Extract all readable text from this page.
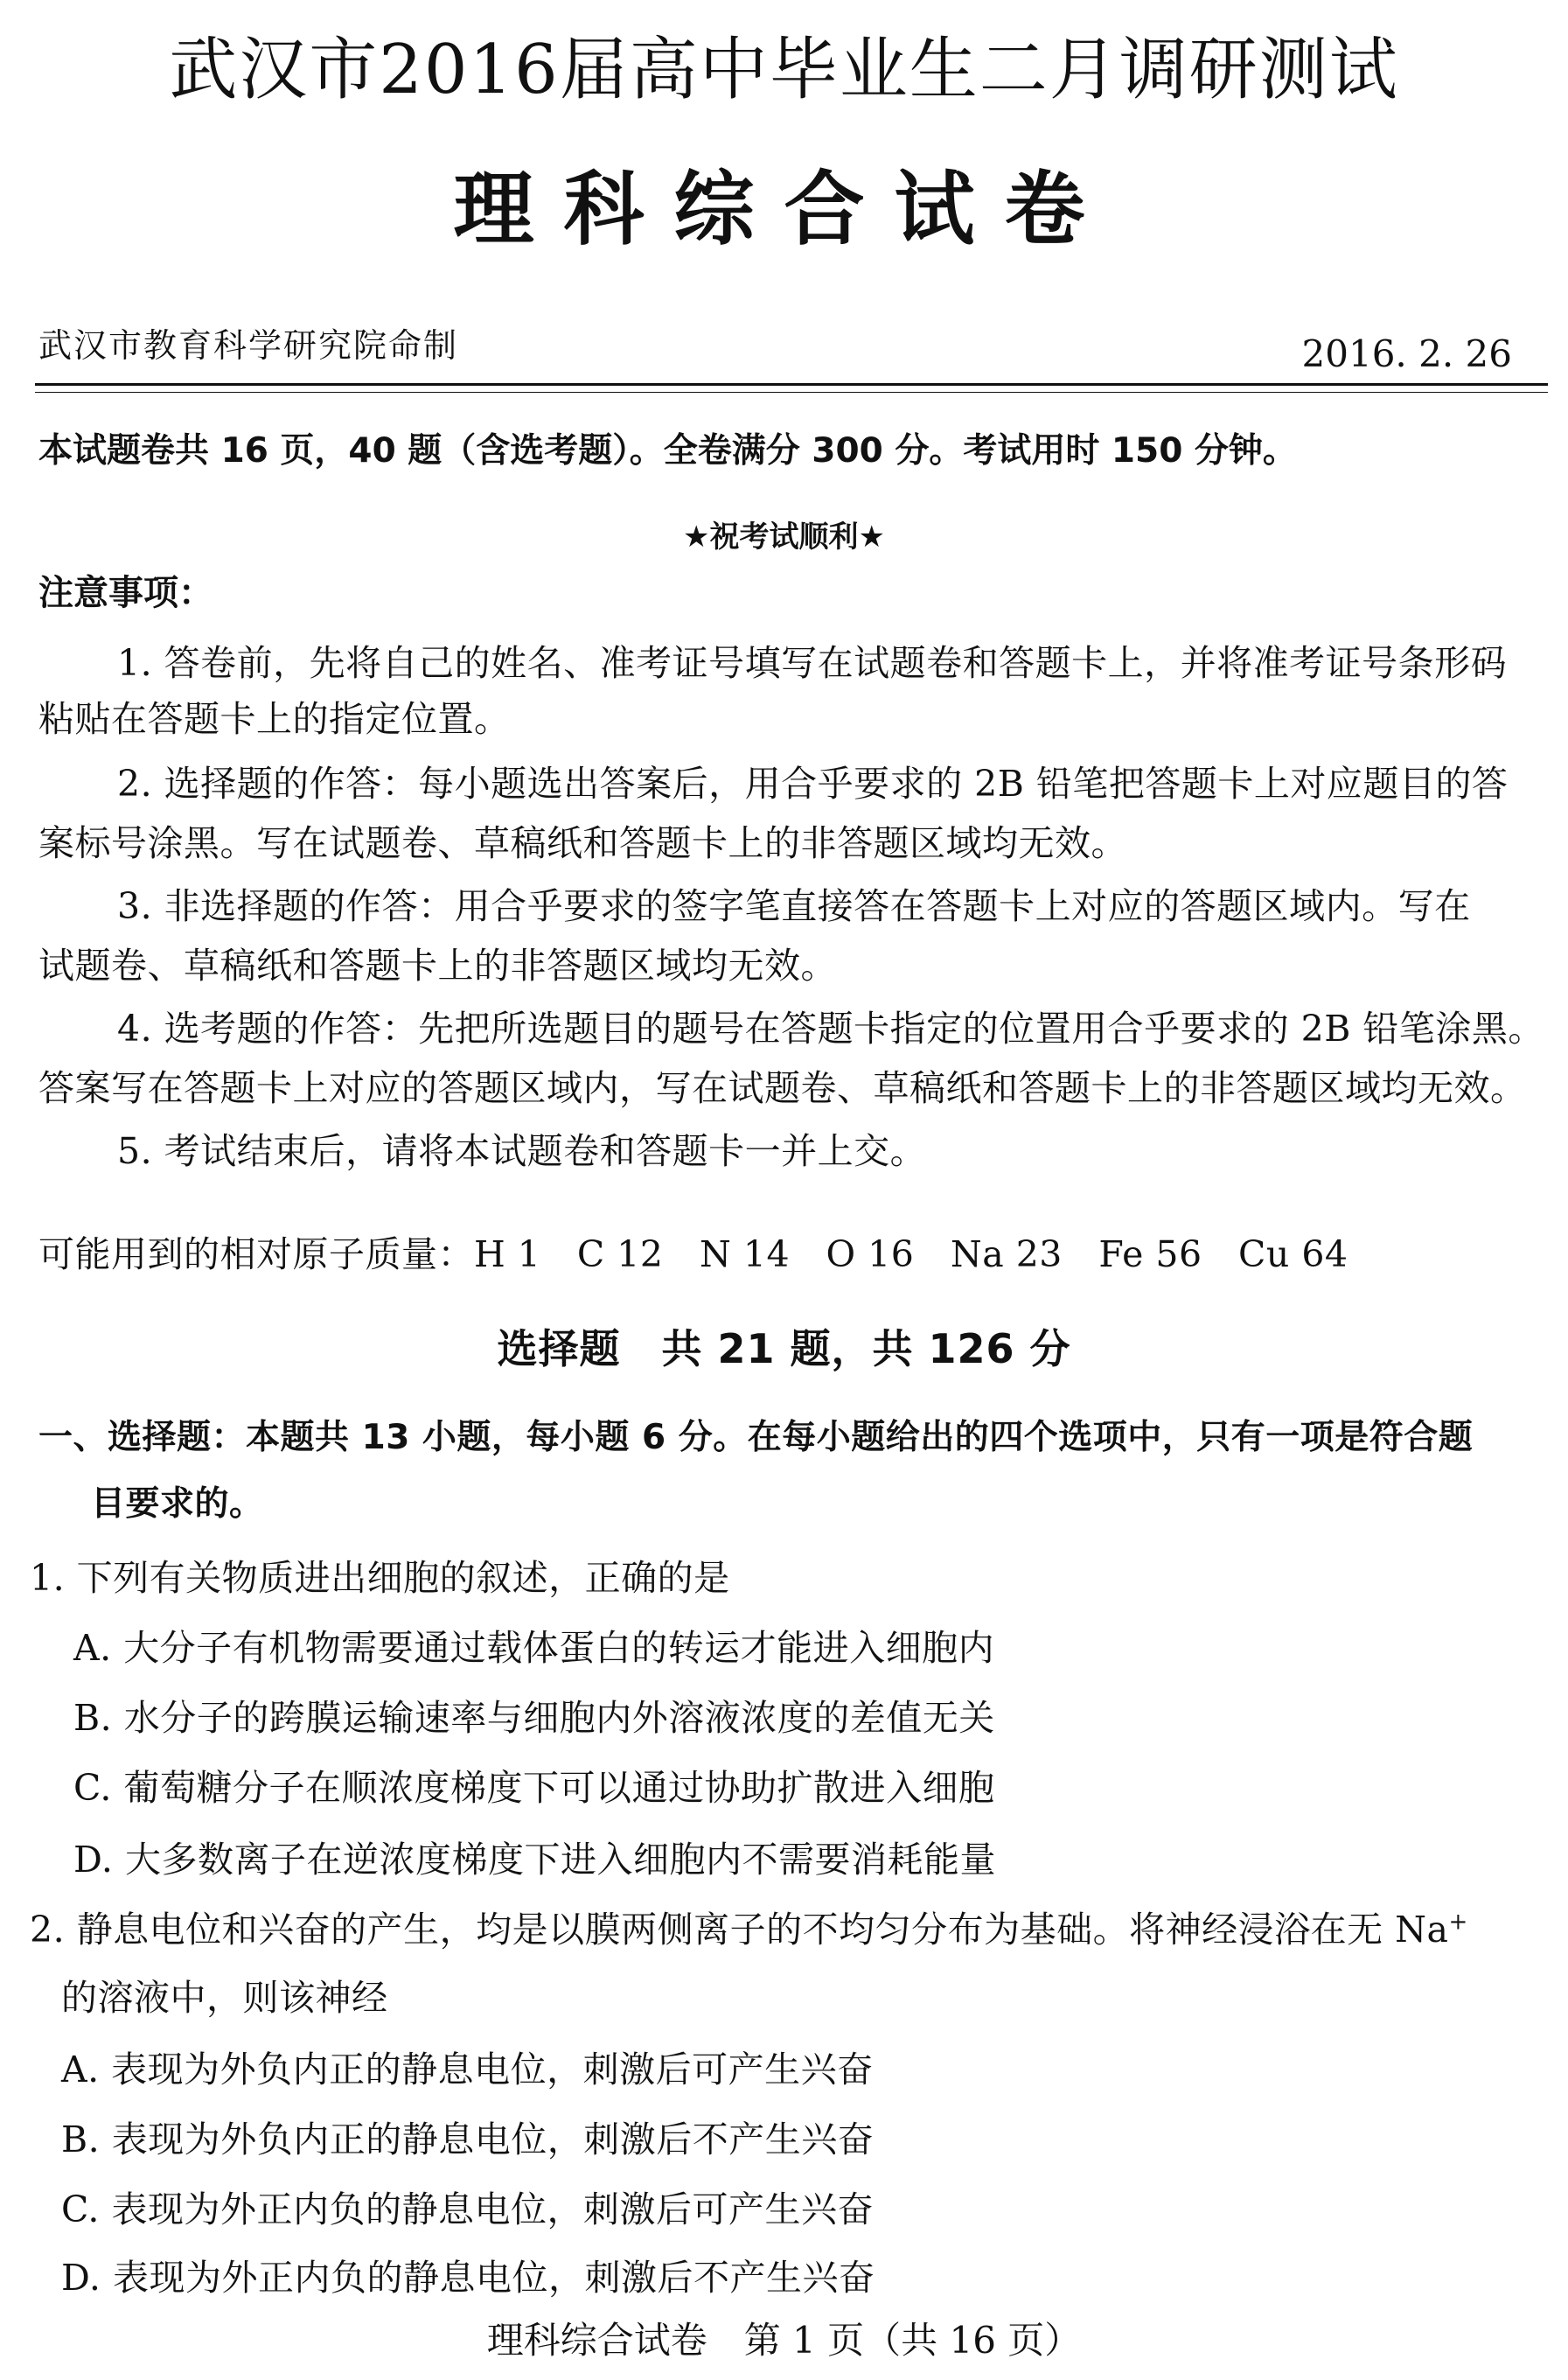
武汉市2016届高中毕业生二月调研测试
理科综合试卷
武汉市教育科学研究院命制	2016. 2. 26
本试题卷共 16 页，40 题（含选考题）。全卷满分 300 分。考试用时 150 分钟。
★祝考试顺利★
注意事项：
1. 答卷前，先将自己的姓名、准考证号填写在试题卷和答题卡上，并将准考证号条形码
粘贴在答题卡上的指定位置。
2. 选择题的作答：每小题选出答案后，用合乎要求的 2B 铅笔把答题卡上对应题目的答
案标号涂黑。写在试题卷、草稿纸和答题卡上的非答题区域均无效。
3. 非选择题的作答：用合乎要求的签字笔直接答在答题卡上对应的答题区域内。写在
试题卷、草稿纸和答题卡上的非答题区域均无效。
4. 选考题的作答：先把所选题目的题号在答题卡指定的位置用合乎要求的 2B 铅笔涂黑。
答案写在答题卡上对应的答题区域内，写在试题卷、草稿纸和答题卡上的非答题区域均无效。
5. 考试结束后，请将本试题卷和答题卡一并上交。
可能用到的相对原子质量：H 1　C 12　N 14　O 16　Na 23　Fe 56　Cu 64
选择题　共 21 题，共 126 分
一、选择题：本题共 13 小题，每小题 6 分。在每小题给出的四个选项中，只有一项是符合题
目要求的。
1. 下列有关物质进出细胞的叙述，正确的是
A. 大分子有机物需要通过载体蛋白的转运才能进入细胞内
B. 水分子的跨膜运输速率与细胞内外溶液浓度的差值无关
C. 葡萄糖分子在顺浓度梯度下可以通过协助扩散进入细胞
D. 大多数离子在逆浓度梯度下进入细胞内不需要消耗能量
2. 静息电位和兴奋的产生，均是以膜两侧离子的不均匀分布为基础。将神经浸浴在无 Na+
的溶液中，则该神经
A. 表现为外负内正的静息电位，刺激后可产生兴奋
B. 表现为外负内正的静息电位，刺激后不产生兴奋
C. 表现为外正内负的静息电位，刺激后可产生兴奋
D. 表现为外正内负的静息电位，刺激后不产生兴奋
理科综合试卷　第 1 页（共 16 页）
